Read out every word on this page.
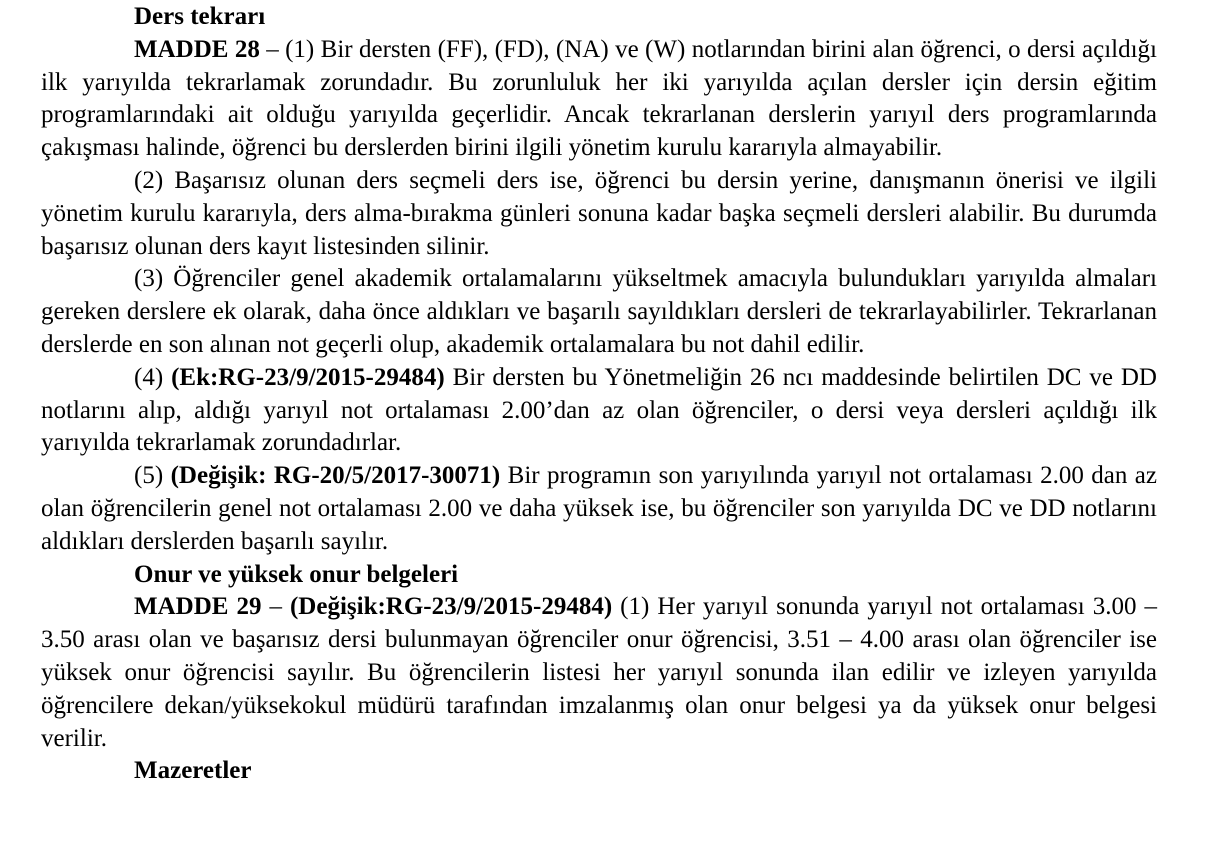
Ders tekrarı

MADDE 28 – (1) Bir dersten (FF), (FD), (NA) ve (W) notlarından birini alan öğrenci, o dersi açıldığı ilk yarıyılda tekrarlamak zorundadır. Bu zorunluluk her iki yarıyılda açılan dersler için dersin eğitim programlarındaki ait olduğu yarıyılda geçerlidir. Ancak tekrarlanan derslerin yarıyıl ders programlarında çakışması halinde, öğrenci bu derslerden birini ilgili yönetim kurulu kararıyla almayabilir.

(2) Başarısız olunan ders seçmeli ders ise, öğrenci bu dersin yerine, danışmanın önerisi ve ilgili yönetim kurulu kararıyla, ders alma-bırakma günleri sonuna kadar başka seçmeli dersleri alabilir. Bu durumda başarısız olunan ders kayıt listesinden silinir.

(3) Öğrenciler genel akademik ortalamalarını yükseltmek amacıyla bulundukları yarıyılda almaları gereken derslere ek olarak, daha önce aldıkları ve başarılı sayıldıkları dersleri de tekrarlayabilirler. Tekrarlanan derslerde en son alınan not geçerli olup, akademik ortalamalara bu not dahil edilir.

(4) (Ek:RG-23/9/2015-29484) Bir dersten bu Yönetmeliğin 26 ncı maddesinde belirtilen DC ve DD notlarını alıp, aldığı yarıyıl not ortalaması 2.00’dan az olan öğrenciler, o dersi veya dersleri açıldığı ilk yarıyılda tekrarlamak zorundadırlar.

(5) (Değişik: RG-20/5/2017-30071) Bir programın son yarıyılında yarıyıl not ortalaması 2.00 dan az olan öğrencilerin genel not ortalaması 2.00 ve daha yüksek ise, bu öğrenciler son yarıyılda DC ve DD notlarını aldıkları derslerden başarılı sayılır.

Onur ve yüksek onur belgeleri

MADDE 29 – (Değişik:RG-23/9/2015-29484) (1) Her yarıyıl sonunda yarıyıl not ortalaması 3.00 – 3.50 arası olan ve başarısız dersi bulunmayan öğrenciler onur öğrencisi, 3.51 – 4.00 arası olan öğrenciler ise yüksek onur öğrencisi sayılır. Bu öğrencilerin listesi her yarıyıl sonunda ilan edilir ve izleyen yarıyılda öğrencilere dekan/yüksekokul müdürü tarafından imzalanmış olan onur belgesi ya da yüksek onur belgesi verilir.

Mazeretler
